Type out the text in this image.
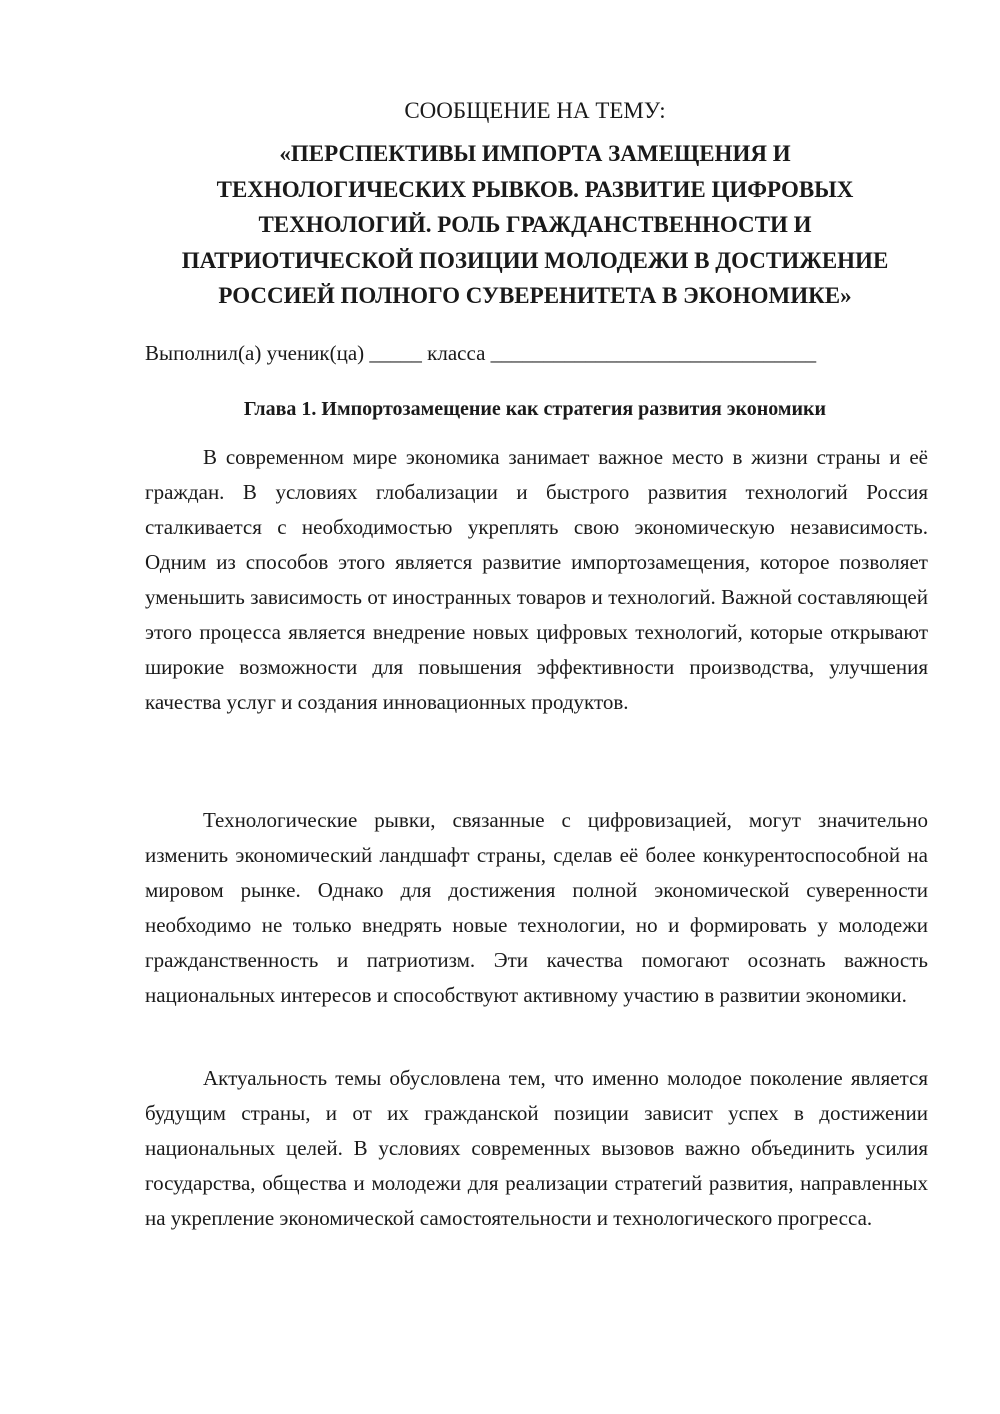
СООБЩЕНИЕ НА ТЕМУ:

«ПЕРСПЕКТИВЫ ИМПОРТА ЗАМЕЩЕНИЯ И
ТЕХНОЛОГИЧЕСКИХ РЫВКОВ. РАЗВИТИЕ ЦИФРОВЫХ
ТЕХНОЛОГИЙ. РОЛЬ ГРАЖДАНСТВЕННОСТИ И
ПАТРИОТИЧЕСКОЙ ПОЗИЦИИ МОЛОДЕЖИ В ДОСТИЖЕНИЕ
РОССИЕЙ ПОЛНОГО СУВЕРЕНИТЕТА В ЭКОНОМИКЕ»
Выполнил(а) ученик(ца) _____ класса _______________________________
Глава 1. Импортозамещение как стратегия развития экономики

В современном мире экономика занимает важное место в жизни страны и её граждан. В условиях глобализации и быстрого развития технологий Россия сталкивается с необходимостью укреплять свою экономическую независимость. Одним из способов этого является развитие импортозамещения, которое позволяет уменьшить зависимость от иностранных товаров и технологий. Важной составляющей этого процесса является внедрение новых цифровых технологий, которые открывают широкие возможности для повышения эффективности производства, улучшения качества услуг и создания инновационных продуктов.

Технологические рывки, связанные с цифровизацией, могут значительно изменить экономический ландшафт страны, сделав её более конкурентоспособной на мировом рынке. Однако для достижения полной экономической суверенности необходимо не только внедрять новые технологии, но и формировать у молодежи гражданственность и патриотизм. Эти качества помогают осознать важность национальных интересов и способствуют активному участию в развитии экономики.

Актуальность темы обусловлена тем, что именно молодое поколение является будущим страны, и от их гражданской позиции зависит успех в достижении национальных целей. В условиях современных вызовов важно объединить усилия государства, общества и молодежи для реализации стратегий развития, направленных на укрепление экономической самостоятельности и технологического прогресса.
